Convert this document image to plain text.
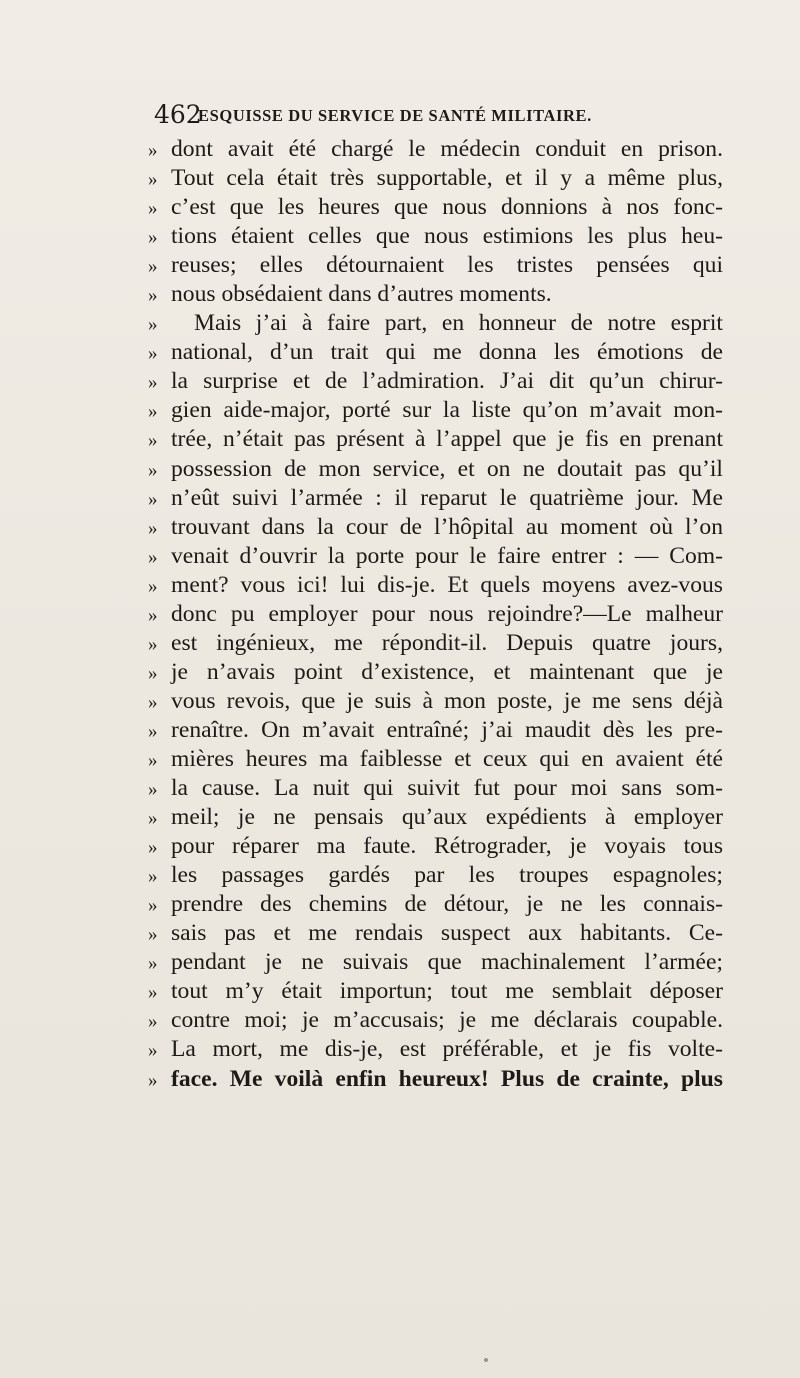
462
ESQUISSE DU SERVICE DE SANTÉ MILITAIRE.
» dont avait été chargé le médecin conduit en prison.
» Tout cela était très supportable, et il y a même plus,
» c’est que les heures que nous donnions à nos fonc-
» tions étaient celles que nous estimions les plus heu-
» reuses; elles détournaient les tristes pensées qui
» nous obsédaient dans d’autres moments.
»	Mais j’ai à faire part, en honneur de notre esprit
» national, d’un trait qui me donna les émotions de
» la surprise et de l’admiration. J’ai dit qu’un chirur-
» gien aide-major, porté sur la liste qu’on m’avait mon-
» trée, n’était pas présent à l’appel que je fis en prenant
» possession de mon service, et on ne doutait pas qu’il
» n’eût suivi l’armée : il reparut le quatrième jour. Me
» trouvant dans la cour de l’hôpital au moment où l’on
» venait d’ouvrir la porte pour le faire entrer : — Com-
» ment? vous ici! lui dis-je. Et quels moyens avez-vous
» donc pu employer pour nous rejoindre?—Le malheur
» est ingénieux, me répondit-il. Depuis quatre jours,
» je n’avais point d’existence, et maintenant que je
» vous revois, que je suis à mon poste, je me sens déjà
» renaître. On m’avait entraîné; j’ai maudit dès les pre-
» mières heures ma faiblesse et ceux qui en avaient été
» la cause. La nuit qui suivit fut pour moi sans som-
» meil; je ne pensais qu’aux expédients à employer
» pour réparer ma faute. Rétrograder, je voyais tous
» les passages gardés par les troupes espagnoles;
» prendre des chemins de détour, je ne les connais-
» sais pas et me rendais suspect aux habitants. Ce-
» pendant je ne suivais que machinalement l’armée;
» tout m’y était importun; tout me semblait déposer
» contre moi; je m’accusais; je me déclarais coupable.
» La mort, me dis-je, est préférable, et je fis volte-
» face. Me voilà enfin heureux! Plus de crainte, plus
